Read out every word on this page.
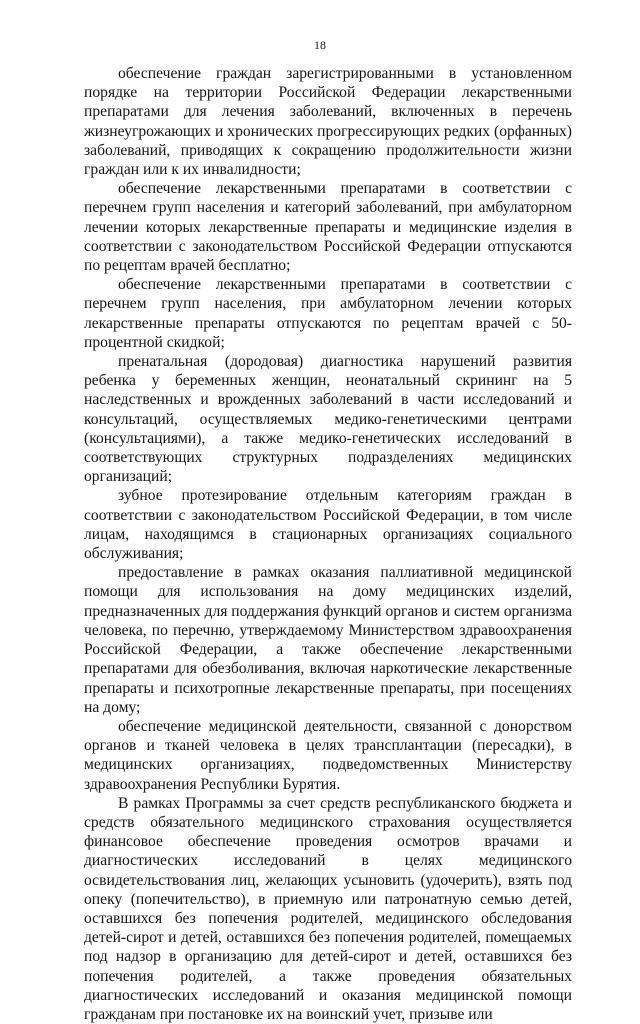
18

обеспечение граждан зарегистрированными в установленном порядке на территории Российской Федерации лекарственными препаратами для лечения заболеваний, включенных в перечень жизнеугрожающих и хронических прогрессирующих редких (орфанных) заболеваний, приводящих к сокращению продолжительности жизни граждан или к их инвалидности;

обеспечение лекарственными препаратами в соответствии с перечнем групп населения и категорий заболеваний, при амбулаторном лечении которых лекарственные препараты и медицинские изделия в соответствии с законодательством Российской Федерации отпускаются по рецептам врачей бесплатно;

обеспечение лекарственными препаратами в соответствии с перечнем групп населения, при амбулаторном лечении которых лекарственные препараты отпускаются по рецептам врачей с 50-процентной скидкой;

пренатальная (дородовая) диагностика нарушений развития ребенка у беременных женщин, неонатальный скрининг на 5 наследственных и врожденных заболеваний в части исследований и консультаций, осуществляемых медико-генетическими центрами (консультациями), а также медико-генетических исследований в соответствующих структурных подразделениях медицинских организаций;

зубное протезирование отдельным категориям граждан в соответствии с законодательством Российской Федерации, в том числе лицам, находящимся в стационарных организациях социального обслуживания;

предоставление в рамках оказания паллиативной медицинской помощи для использования на дому медицинских изделий, предназначенных для поддержания функций органов и систем организма человека, по перечню, утверждаемому Министерством здравоохранения Российской Федерации, а также обеспечение лекарственными препаратами для обезболивания, включая наркотические лекарственные препараты и психотропные лекарственные препараты, при посещениях на дому;

обеспечение медицинской деятельности, связанной с донорством органов и тканей человека в целях трансплантации (пересадки), в медицинских организациях, подведомственных Министерству здравоохранения Республики Бурятия.

В рамках Программы за счет средств республиканского бюджета и средств обязательного медицинского страхования осуществляется финансовое обеспечение проведения осмотров врачами и диагностических исследований в целях медицинского освидетельствования лиц, желающих усыновить (удочерить), взять под опеку (попечительство), в приемную или патронатную семью детей, оставшихся без попечения родителей, медицинского обследования детей-сирот и детей, оставшихся без попечения родителей, помещаемых под надзор в организацию для детей-сирот и детей, оставшихся без попечения родителей, а также проведения обязательных диагностических исследований и оказания медицинской помощи гражданам при постановке их на воинский учет, призыве или
